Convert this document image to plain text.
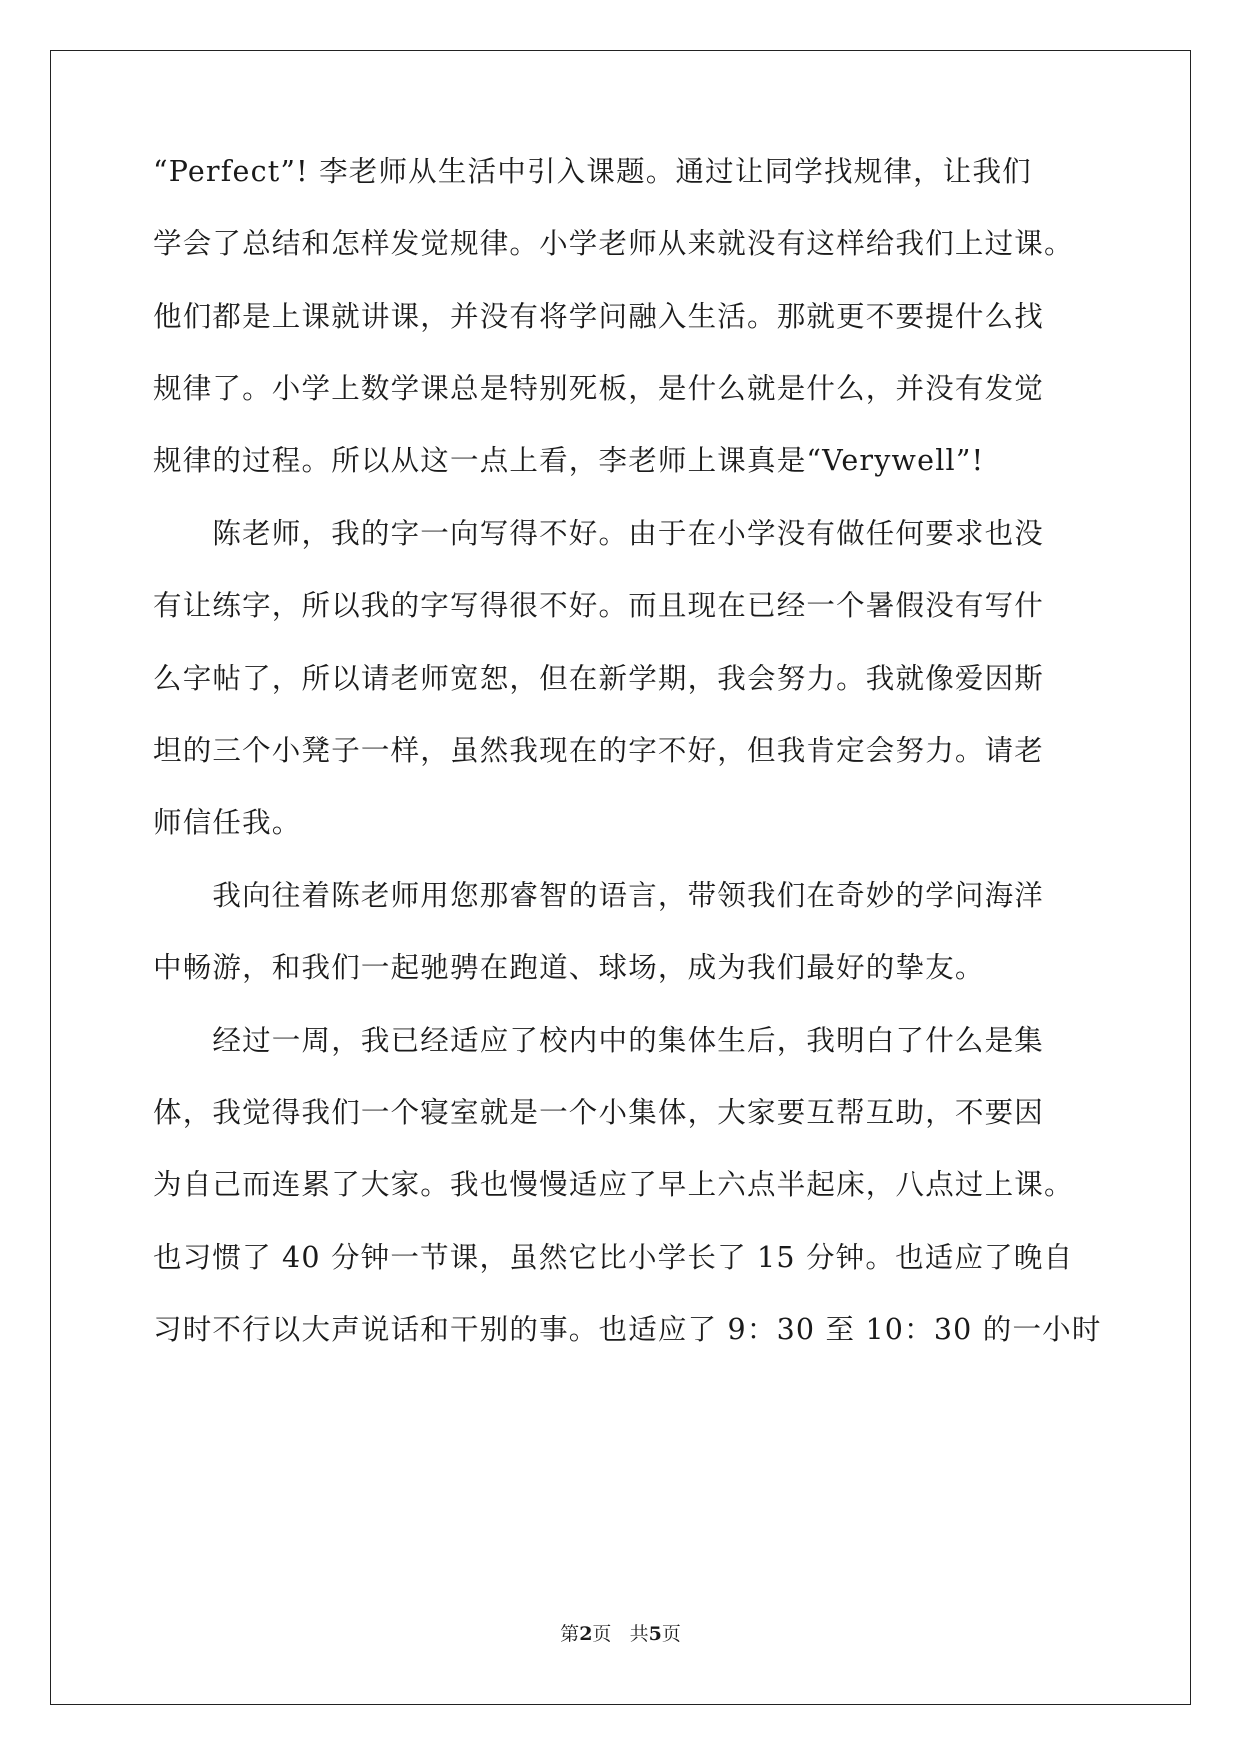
“Perfect”! 李老师从生活中引入课题。通过让同学找规律，让我们
学会了总结和怎样发觉规律。小学老师从来就没有这样给我们上过课。
他们都是上课就讲课，并没有将学问融入生活。那就更不要提什么找
规律了。小学上数学课总是特别死板，是什么就是什么，并没有发觉
规律的过程。所以从这一点上看，李老师上课真是“Verywell”!
　　陈老师，我的字一向写得不好。由于在小学没有做任何要求也没
有让练字，所以我的字写得很不好。而且现在已经一个暑假没有写什
么字帖了，所以请老师宽恕，但在新学期，我会努力。我就像爱因斯
坦的三个小凳子一样，虽然我现在的字不好，但我肯定会努力。请老
师信任我。
　　我向往着陈老师用您那睿智的语言，带领我们在奇妙的学问海洋
中畅游，和我们一起驰骋在跑道、球场，成为我们最好的挚友。
　　经过一周，我已经适应了校内中的集体生后，我明白了什么是集
体，我觉得我们一个寝室就是一个小集体，大家要互帮互助，不要因
为自己而连累了大家。我也慢慢适应了早上六点半起床，八点过上课。
也习惯了 40 分钟一节课，虽然它比小学长了 15 分钟。也适应了晚自
习时不行以大声说话和干别的事。也适应了 9：30 至 10：30 的一小时
第2页 共5页
